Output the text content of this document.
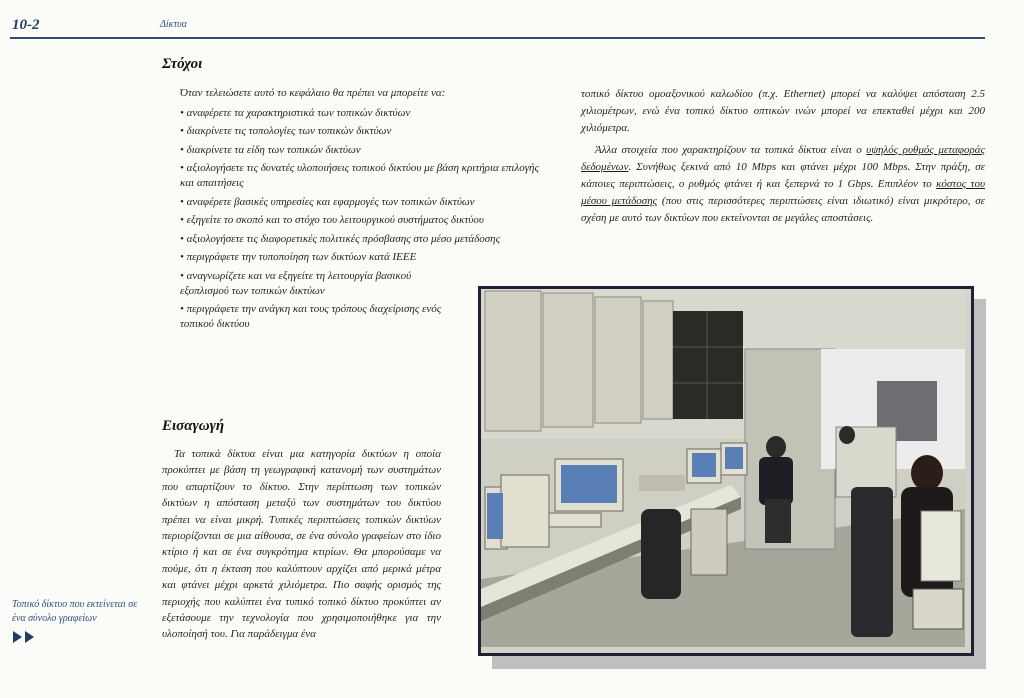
10-2	Δίκτυα
Στόχοι

Όταν τελειώσετε αυτό το κεφάλαιο θα πρέπει να μπορείτε να:

• αναφέρετε τα χαρακτηριστικά των τοπικών δικτύων
• διακρίνετε τις τοπολογίες των τοπικών δικτύων
• διακρίνετε τα είδη των τοπικών δικτύων
• αξιολογήσετε τις δυνατές υλοποιήσεις τοπικού δικτύου με βάση κριτήρια επιλογής και απαιτήσεις
• αναφέρετε βασικές υπηρεσίες και εφαρμογές των τοπικών δικτύων
• εξηγείτε το σκοπό και το στόχο του λειτουργικού συστήματος δικτύου
• αξιολογήσετε τις διαφορετικές πολιτικές πρόσβασης στο μέσο μετάδοσης
• περιγράφετε την τυποποίηση των δικτύων κατά IEEE
• αναγνωρίζετε και να εξηγείτε τη λειτουργία βασικού εξοπλισμού των τοπικών δικτύων
• περιγράφετε την ανάγκη και τους τρόπους διαχείρισης ενός τοπικού δικτύου

τοπικό δίκτυο ομοαξονικού καλωδίου (π.χ. Ethernet) μπορεί να καλύψει απόσταση 2.5 χιλιομέτρων, ενώ ένα τοπικό δίκτυο οπτικών ινών μπορεί να επεκταθεί μέχρι και 200 χιλιόμετρα.

Άλλα στοιχεία που χαρακτηρίζουν τα τοπικά δίκτυα είναι ο υψηλός ρυθμός μεταφοράς δεδομένων. Συνήθως ξεκινά από 10 Mbps και φτάνει μέχρι 100 Mbps. Στην πράξη, σε κάποιες περιπτώσεις, ο ρυθμός φτάνει ή και ξεπερνά το 1 Gbps. Επιπλέον το κόστος του μέσου μετάδοσης (που στις περισσότερες περιπτώσεις είναι ιδιωτικό) είναι μικρότερο, σε σχέση με αυτό των δικτύων που εκτείνονται σε μεγάλες αποστάσεις.

Εισαγωγή
Τα τοπικά δίκτυα είναι μια κατηγορία δικτύων η οποία προκύπτει με βάση τη γεωγραφική κατανομή των συστημάτων που απαρτίζουν το δίκτυο. Στην περίπτωση των τοπικών δικτύων η απόσταση μεταξύ των συστημάτων του δικτύου πρέπει να είναι μικρή. Τυπικές περιπτώσεις τοπικών δικτύων περιορίζονται σε μια αίθουσα, σε ένα σύνολο γραφείων στο ίδιο κτίριο ή και σε ένα συγκρότημα κτιρίων. Θα μπορούσαμε να πούμε, ότι η έκταση που καλύπτουν αρχίζει από μερικά μέτρα και φτάνει μέχρι αρκετά χιλιόμετρα. Πιο σαφής ορισμός της περιοχής που καλύπτει ένα τυπικό τοπικό δίκτυο προκύπτει αν εξετάσουμε την τεχνολογία που χρησιμοποιήθηκε για την υλοποίησή του. Για παράδειγμα ένα
Τοπικό δίκτυο που εκτείνεται σε ένα σύνολο γραφείων
